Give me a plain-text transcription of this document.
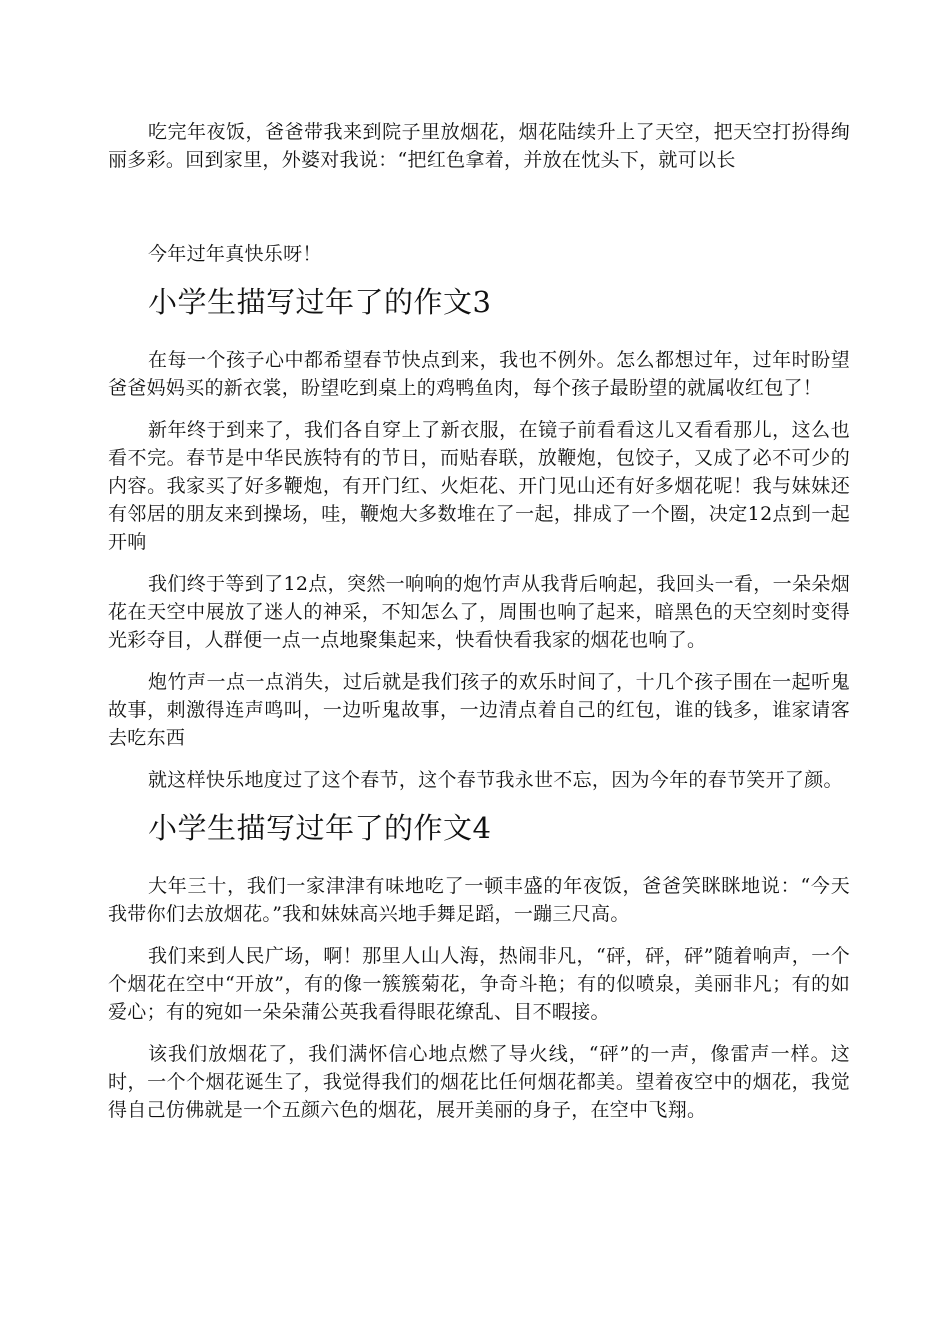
吃完年夜饭，爸爸带我来到院子里放烟花，烟花陆续升上了天空，把天空打扮得绚丽多彩。回到家里，外婆对我说：“把红色拿着，并放在忱头下，就可以长

今年过年真快乐呀！

小学生描写过年了的作文3

在每一个孩子心中都希望春节快点到来，我也不例外。怎么都想过年，过年时盼望爸爸妈妈买的新衣裳，盼望吃到桌上的鸡鸭鱼肉，每个孩子最盼望的就属收红包了！

新年终于到来了，我们各自穿上了新衣服，在镜子前看看这儿又看看那儿，这么也看不完。春节是中华民族特有的节日，而贴春联，放鞭炮，包饺子，又成了必不可少的内容。我家买了好多鞭炮，有开门红、火炬花、开门见山还有好多烟花呢！我与妹妹还有邻居的朋友来到操场，哇，鞭炮大多数堆在了一起，排成了一个圈，决定12点到一起开响

我们终于等到了12点，突然一响响的炮竹声从我背后响起，我回头一看，一朵朵烟花在天空中展放了迷人的神采，不知怎么了，周围也响了起来，暗黑色的天空刻时变得光彩夺目，人群便一点一点地聚集起来，快看快看我家的烟花也响了。

炮竹声一点一点消失，过后就是我们孩子的欢乐时间了，十几个孩子围在一起听鬼故事，刺激得连声鸣叫，一边听鬼故事，一边清点着自己的红包，谁的钱多，谁家请客去吃东西

就这样快乐地度过了这个春节，这个春节我永世不忘，因为今年的春节笑开了颜。

小学生描写过年了的作文4

大年三十，我们一家津津有味地吃了一顿丰盛的年夜饭，爸爸笑眯眯地说：“今天我带你们去放烟花。”我和妹妹高兴地手舞足蹈，一蹦三尺高。

我们来到人民广场，啊！那里人山人海，热闹非凡，“砰，砰，砰”随着响声，一个个烟花在空中“开放”，有的像一簇簇菊花，争奇斗艳；有的似喷泉，美丽非凡；有的如爱心；有的宛如一朵朵蒲公英我看得眼花缭乱、目不暇接。

该我们放烟花了，我们满怀信心地点燃了导火线，“砰”的一声，像雷声一样。这时，一个个烟花诞生了，我觉得我们的烟花比任何烟花都美。望着夜空中的烟花，我觉得自己仿佛就是一个五颜六色的烟花，展开美丽的身子，在空中飞翔。
